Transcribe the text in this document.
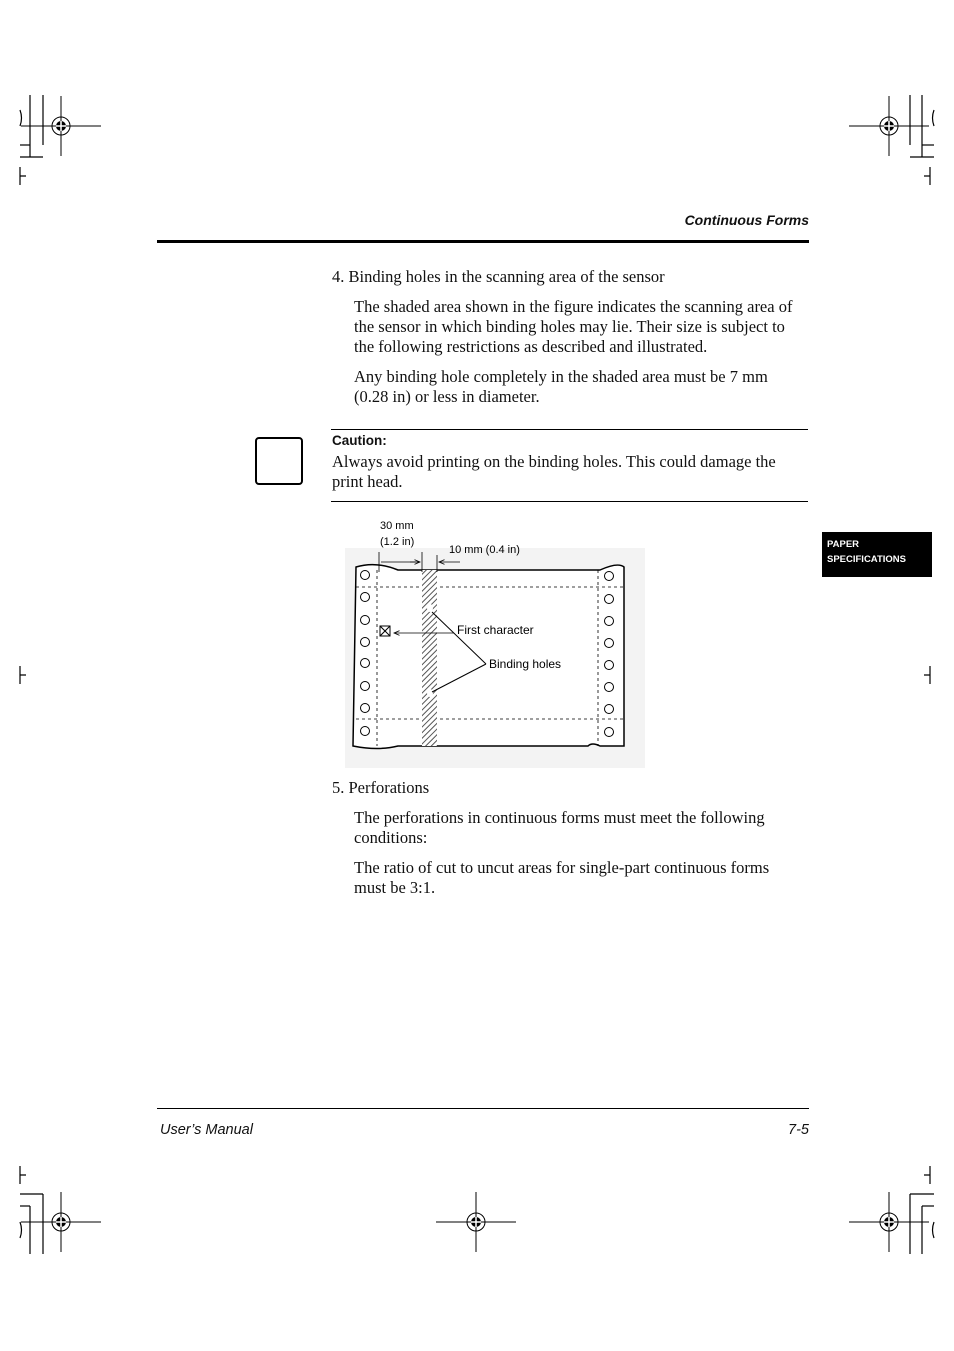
Continuous Forms
4. Binding holes in the scanning area of the sensor
The shaded area shown in the figure indicates the scanning area of
the sensor in which binding holes may lie. Their size is subject to
the following restrictions as described and illustrated.
Any binding hole completely in the shaded area must be 7 mm
(0.28 in) or less in diameter.
Caution:
Always avoid printing on the binding holes. This could damage the
print head.
PAPER
SPECIFICATIONS
30 mm
(1.2 in)
10 mm (0.4 in)
First character
Binding holes
5. Perforations
The perforations in continuous forms must meet the following
conditions:
The ratio of cut to uncut areas for single-part continuous forms
must be 3:1.
User’s Manual	7-5
